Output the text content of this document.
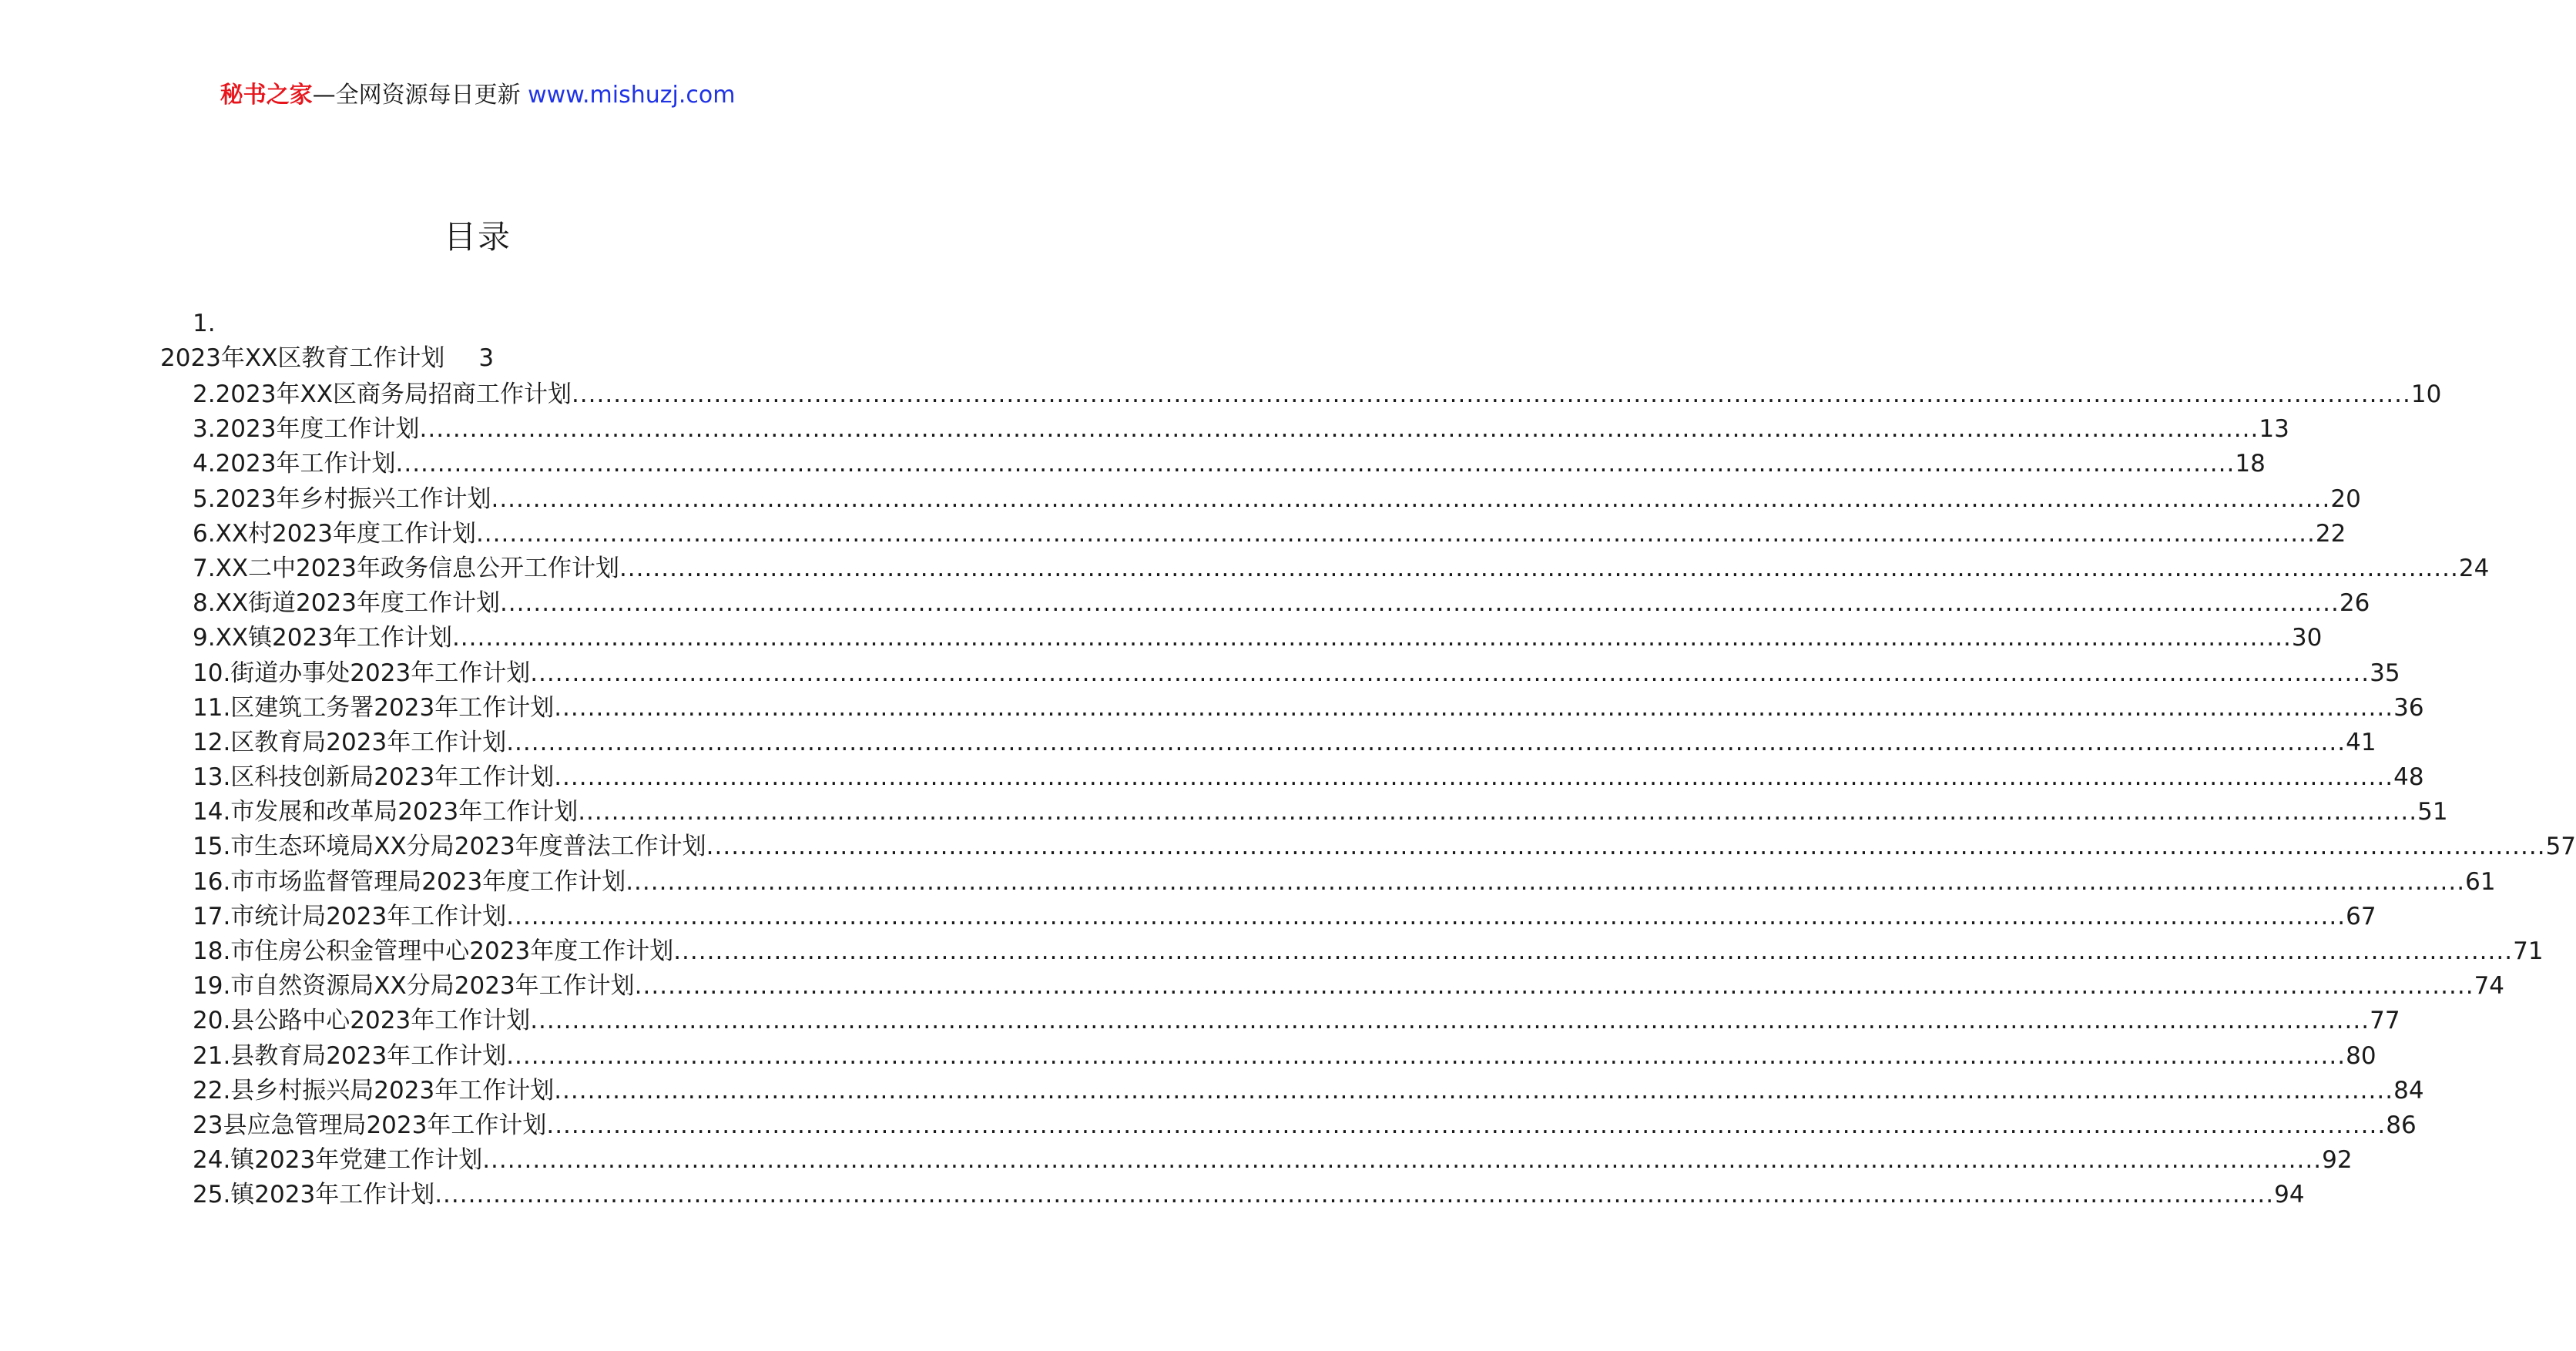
秘书之家—全网资源每日更新 www.mishuzj.com
目录
1.
2023年XX区教育工作计划 3
2.2023年XX区商务局招商工作计划 ............................................................................................................................................................................................................................ 10
3.2023年度工作计划 ............................................................................................................................................................................................................................ 13
4.2023年工作计划 ............................................................................................................................................................................................................................ 18
5.2023年乡村振兴工作计划 ............................................................................................................................................................................................................................ 20
6.XX村2023年度工作计划 ............................................................................................................................................................................................................................ 22
7.XX二中2023年政务信息公开工作计划 ............................................................................................................................................................................................................................ 24
8.XX街道2023年度工作计划 ............................................................................................................................................................................................................................ 26
9.XX镇2023年工作计划 ............................................................................................................................................................................................................................ 30
10.街道办事处2023年工作计划 ............................................................................................................................................................................................................................ 35
11.区建筑工务署2023年工作计划 ............................................................................................................................................................................................................................ 36
12.区教育局2023年工作计划 ............................................................................................................................................................................................................................ 41
13.区科技创新局2023年工作计划 ............................................................................................................................................................................................................................ 48
14.市发展和改革局2023年工作计划 ............................................................................................................................................................................................................................ 51
15.市生态环境局XX分局2023年度普法工作计划 ............................................................................................................................................................................................................................ 57
16.市市场监督管理局2023年度工作计划 ............................................................................................................................................................................................................................ 61
17.市统计局2023年工作计划 ............................................................................................................................................................................................................................ 67
18.市住房公积金管理中心2023年度工作计划 ............................................................................................................................................................................................................................ 71
19.市自然资源局XX分局2023年工作计划 ............................................................................................................................................................................................................................ 74
20.县公路中心2023年工作计划 ............................................................................................................................................................................................................................ 77
21.县教育局2023年工作计划 ............................................................................................................................................................................................................................ 80
22.县乡村振兴局2023年工作计划 ............................................................................................................................................................................................................................ 84
23县应急管理局2023年工作计划 ............................................................................................................................................................................................................................ 86
24.镇2023年党建工作计划 ............................................................................................................................................................................................................................ 92
25.镇2023年工作计划 ............................................................................................................................................................................................................................ 94
